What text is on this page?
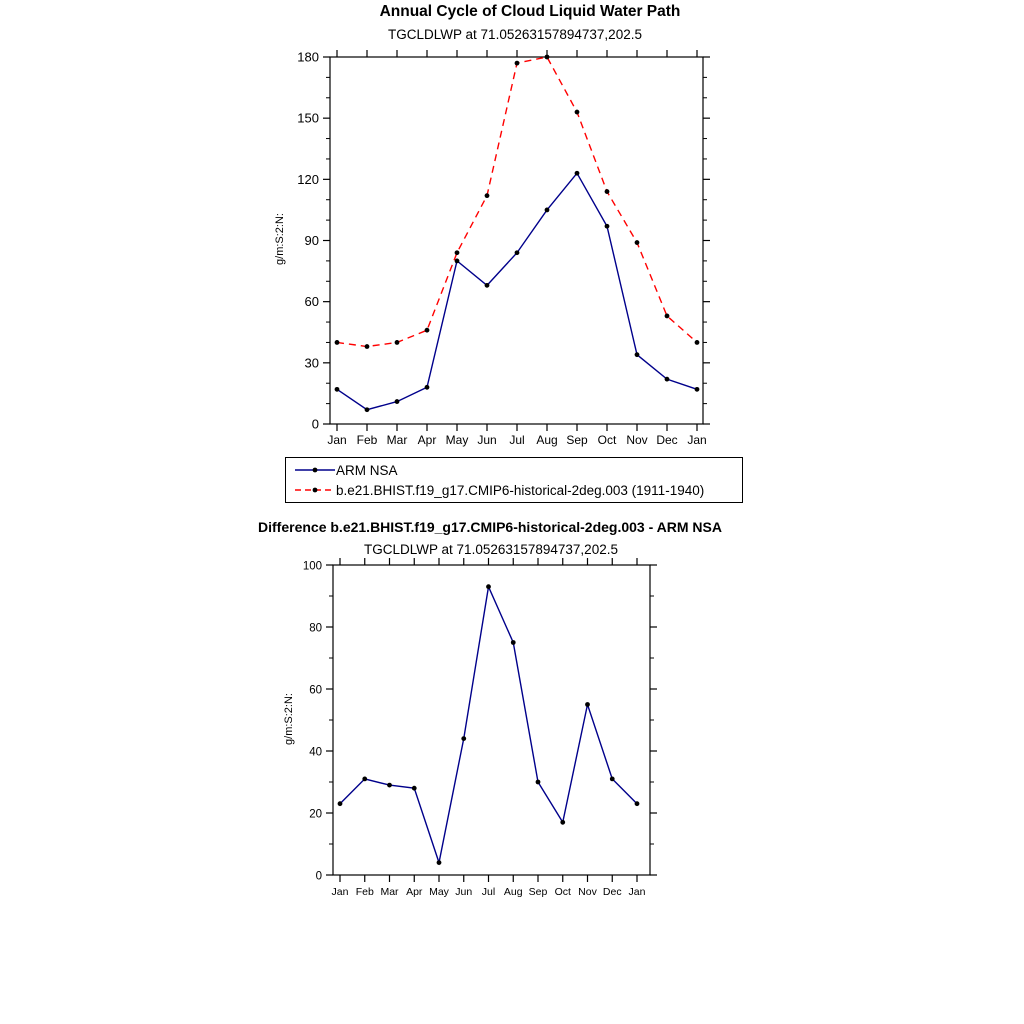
Annual Cycle of Cloud Liquid Water Path
TGCLDLWP at 71.05263157894737,202.5
g/m:S:2:N:
0
30
60
90
120
150
180
Jan Feb Mar Apr May Jun Jul Aug Sep Oct Nov Dec Jan
ARM NSA
b.e21.BHIST.f19_g17.CMIP6-historical-2deg.003 (1911-1940)
Difference b.e21.BHIST.f19_g17.CMIP6-historical-2deg.003 - ARM NSA
TGCLDLWP at 71.05263157894737,202.5
g/m:S:2:N:
0
20
40
60
80
100
Jan Feb Mar Apr May Jun Jul Aug Sep Oct Nov Dec Jan
